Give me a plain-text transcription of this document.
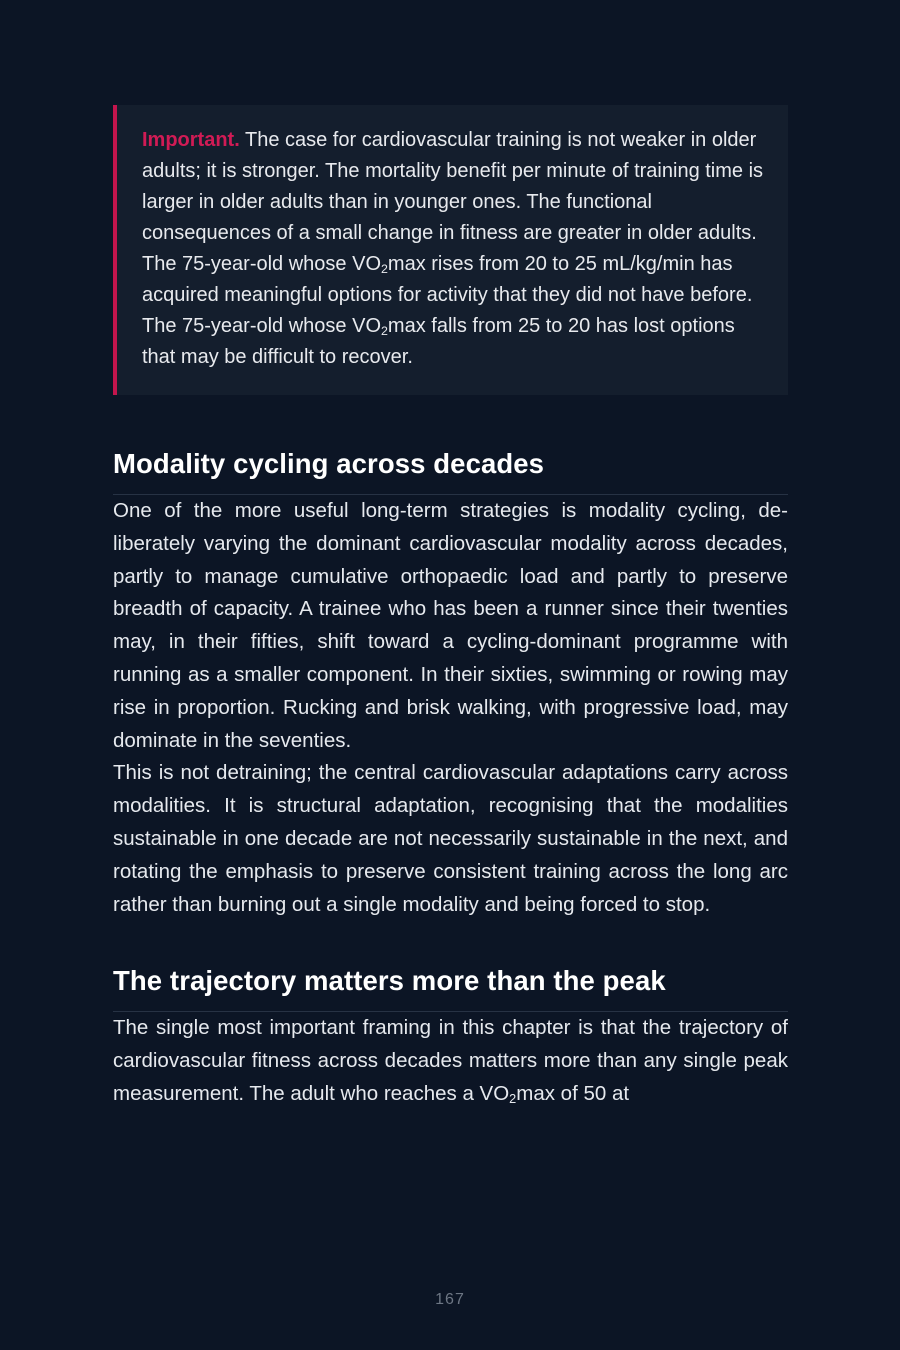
Important. The case for cardiovascular training is not weaker in older adults; it is stronger. The mortality benefit per minute of training time is larger in older adults than in younger ones. The functional consequences of a small change in fitness are greater in older adults. The 75-year-old whose $VO_2\max$ rises from 20 to 25 mL/kg/min has acquired meaningful options for activity that they did not have before. The 75-year-old whose $VO_2\max$ falls from 25 to 20 has lost options that may be difficult to recover.
Modality cycling across decades

One of the more useful long-term strategies is modality cycling, deliberately varying the dominant cardiovascular modality across decades, partly to manage cumulative orthopaedic load and partly to preserve breadth of capacity. A trainee who has been a runner since their twenties may, in their fifties, shift toward a cycling-dominant programme with running as a smaller component. In their sixties, swimming or rowing may rise in proportion. Rucking and brisk walking, with progressive load, may dominate in the seventies.

This is not detraining; the central cardiovascular adaptations carry across modalities. It is structural adaptation, recognising that the modalities sustainable in one decade are not necessarily sustainable in the next, and rotating the emphasis to preserve consistent training across the long arc rather than burning out a single modality and being forced to stop.

The trajectory matters more than the peak

The single most important framing in this chapter is that the trajectory of cardiovascular fitness across decades matters more than any single peak measurement. The adult who reaches a $VO_2\max$ of 50 at

167
